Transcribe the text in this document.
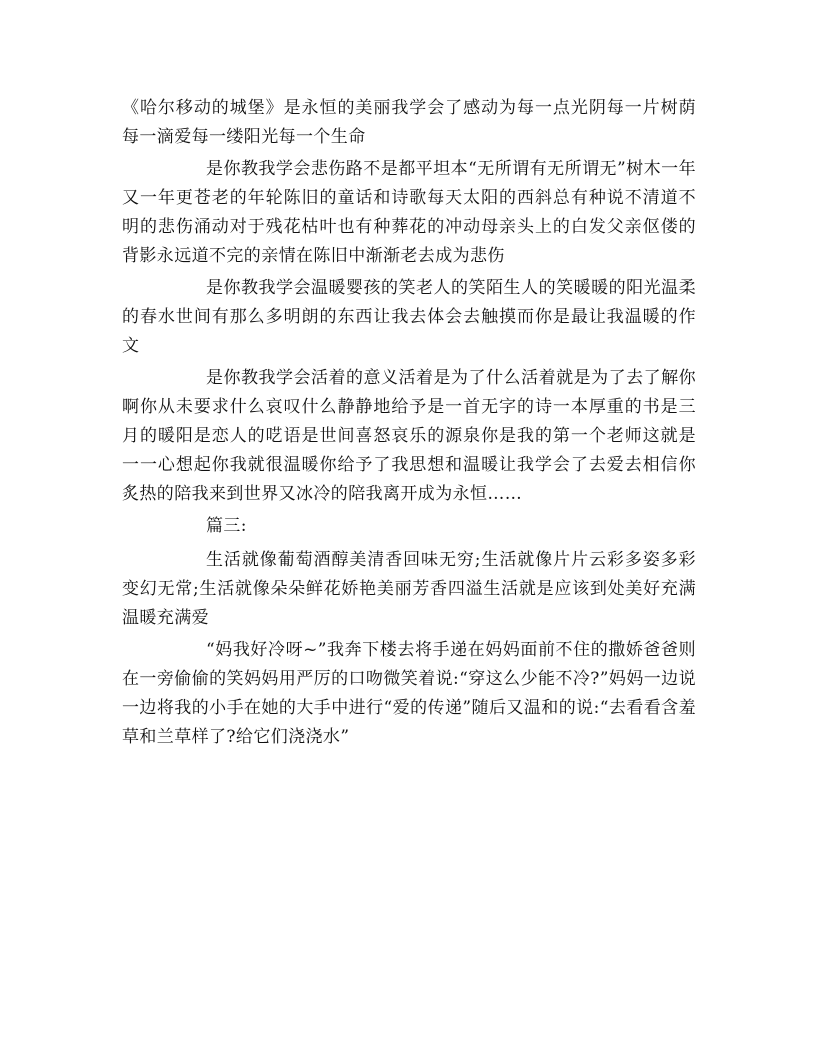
《哈尔移动的城堡》是永恒的美丽我学会了感动为每一点光阴每一片树荫每一滴爱每一缕阳光每一个生命

是你教我学会悲伤路不是都平坦本“无所谓有无所谓无”树木一年又一年更苍老的年轮陈旧的童话和诗歌每天太阳的西斜总有种说不清道不明的悲伤涌动对于残花枯叶也有种葬花的冲动母亲头上的白发父亲伛偻的背影永远道不完的亲情在陈旧中渐渐老去成为悲伤

是你教我学会温暖婴孩的笑老人的笑陌生人的笑暖暖的阳光温柔的春水世间有那么多明朗的东西让我去体会去触摸而你是最让我温暖的作文

是你教我学会活着的意义活着是为了什么活着就是为了去了解你啊你从未要求什么哀叹什么静静地给予是一首无字的诗一本厚重的书是三月的暖阳是恋人的呓语是世间喜怒哀乐的源泉你是我的第一个老师这就是一一心想起你我就很温暖你给予了我思想和温暖让我学会了去爱去相信你炙热的陪我来到世界又冰冷的陪我离开成为永恒……

篇三:

生活就像葡萄酒醇美清香回味无穷;生活就像片片云彩多姿多彩变幻无常;生活就像朵朵鲜花娇艳美丽芳香四溢生活就是应该到处美好充满温暖充满爱

“妈我好冷呀~”我奔下楼去将手递在妈妈面前不住的撒娇爸爸则在一旁偷偷的笑妈妈用严厉的口吻微笑着说:“穿这么少能不冷?”妈妈一边说一边将我的小手在她的大手中进行“爱的传递”随后又温和的说:“去看看含羞草和兰草样了?给它们浇浇水”
